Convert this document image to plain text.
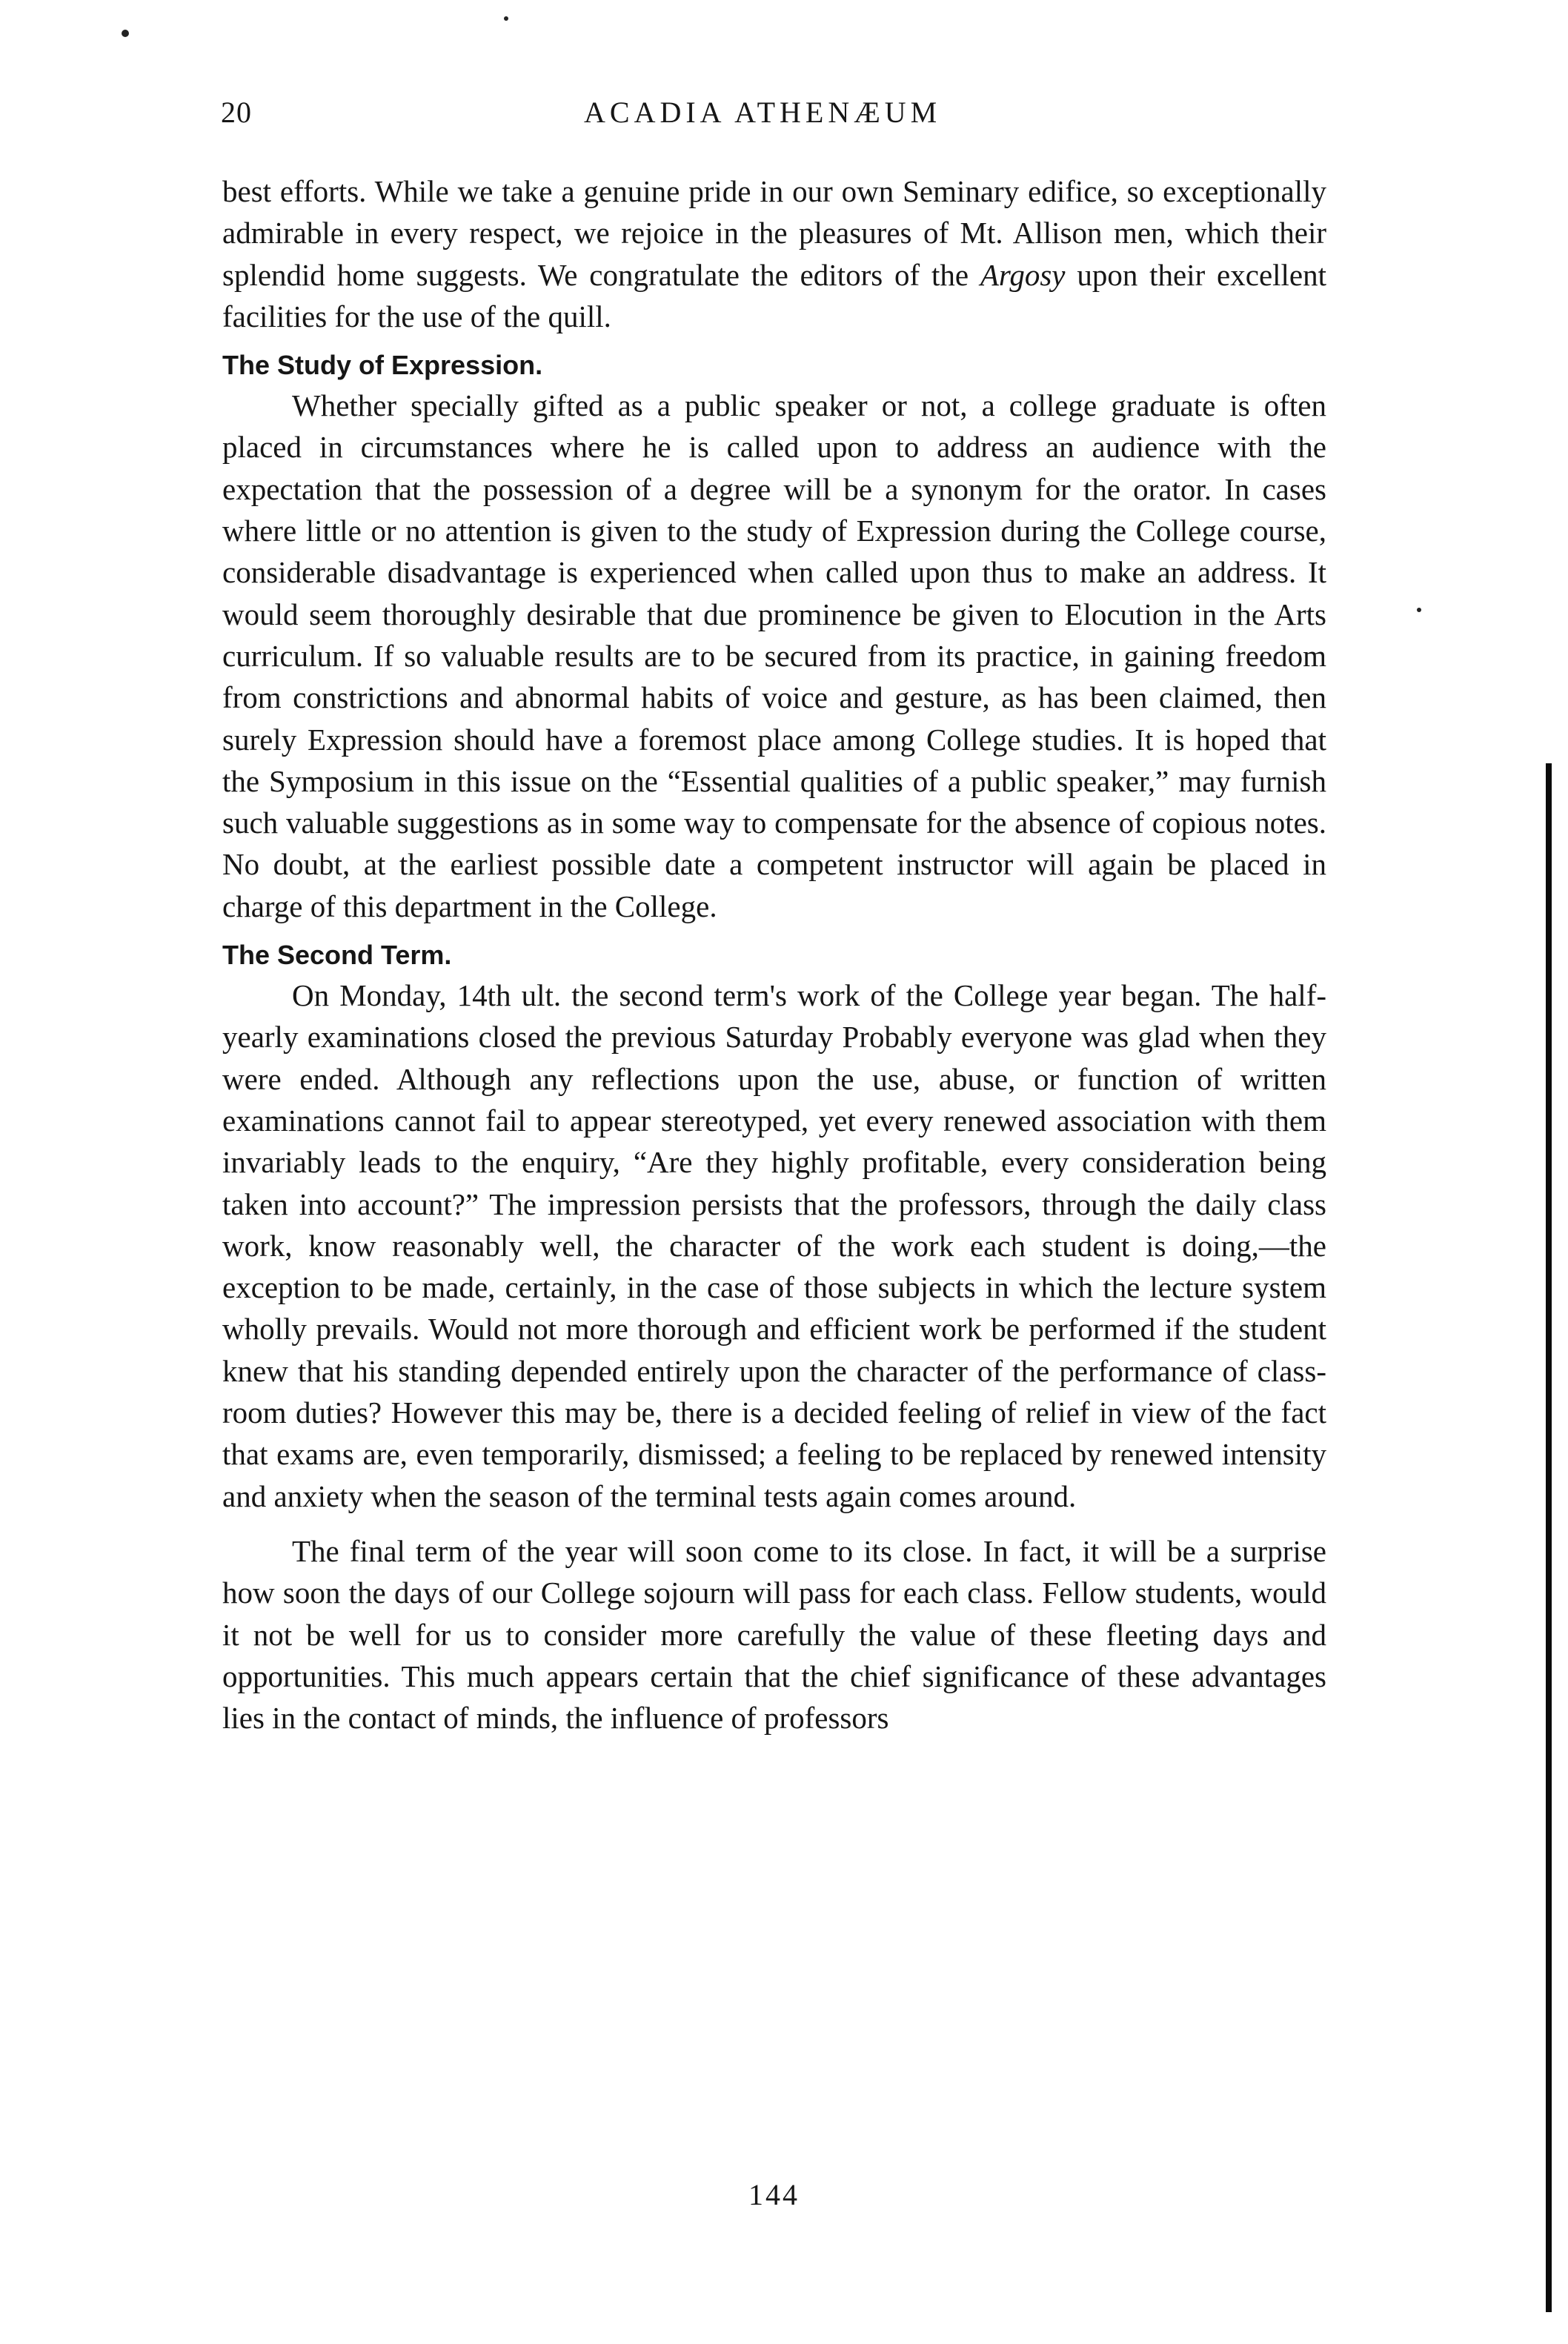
20	ACADIA ATHENÆUM

best efforts. While we take a genuine pride in our own Seminary edifice, so exceptionally admirable in every respect, we rejoice in the pleasures of Mt. Allison men, which their splendid home suggests. We congratulate the editors of the Argosy upon their excellent facilities for the use of the quill.

The Study of Expression.

Whether specially gifted as a public speaker or not, a college graduate is often placed in circumstances where he is called upon to address an audience with the expectation that the possession of a degree will be a synonym for the orator. In cases where little or no attention is given to the study of Expression during the College course, considerable disadvantage is experienced when called upon thus to make an address. It would seem thoroughly desirable that due prominence be given to Elocution in the Arts curriculum. If so valuable results are to be secured from its practice, in gaining freedom from constrictions and abnormal habits of voice and gesture, as has been claimed, then surely Expression should have a foremost place among College studies. It is hoped that the Symposium in this issue on the “Essential qualities of a public speaker,” may furnish such valuable suggestions as in some way to compensate for the absence of copious notes. No doubt, at the earliest possible date a competent instructor will again be placed in charge of this department in the College.

The Second Term.

On Monday, 14th ult. the second term's work of the College year began. The half-yearly examinations closed the previous Saturday Probably everyone was glad when they were ended. Although any reflections upon the use, abuse, or function of written examinations cannot fail to appear stereotyped, yet every renewed association with them invariably leads to the enquiry, “Are they highly profitable, every consideration being taken into account?” The impression persists that the professors, through the daily class work, know reasonably well, the character of the work each student is doing,—the exception to be made, certainly, in the case of those subjects in which the lecture system wholly prevails. Would not more thorough and efficient work be performed if the student knew that his standing depended entirely upon the character of the performance of class-room duties? However this may be, there is a decided feeling of relief in view of the fact that exams are, even temporarily, dismissed; a feeling to be replaced by renewed intensity and anxiety when the season of the terminal tests again comes around.

The final term of the year will soon come to its close. In fact, it will be a surprise how soon the days of our College sojourn will pass for each class. Fellow students, would it not be well for us to consider more carefully the value of these fleeting days and opportunities. This much appears certain that the chief significance of these advantages lies in the contact of minds, the influence of professors

144
